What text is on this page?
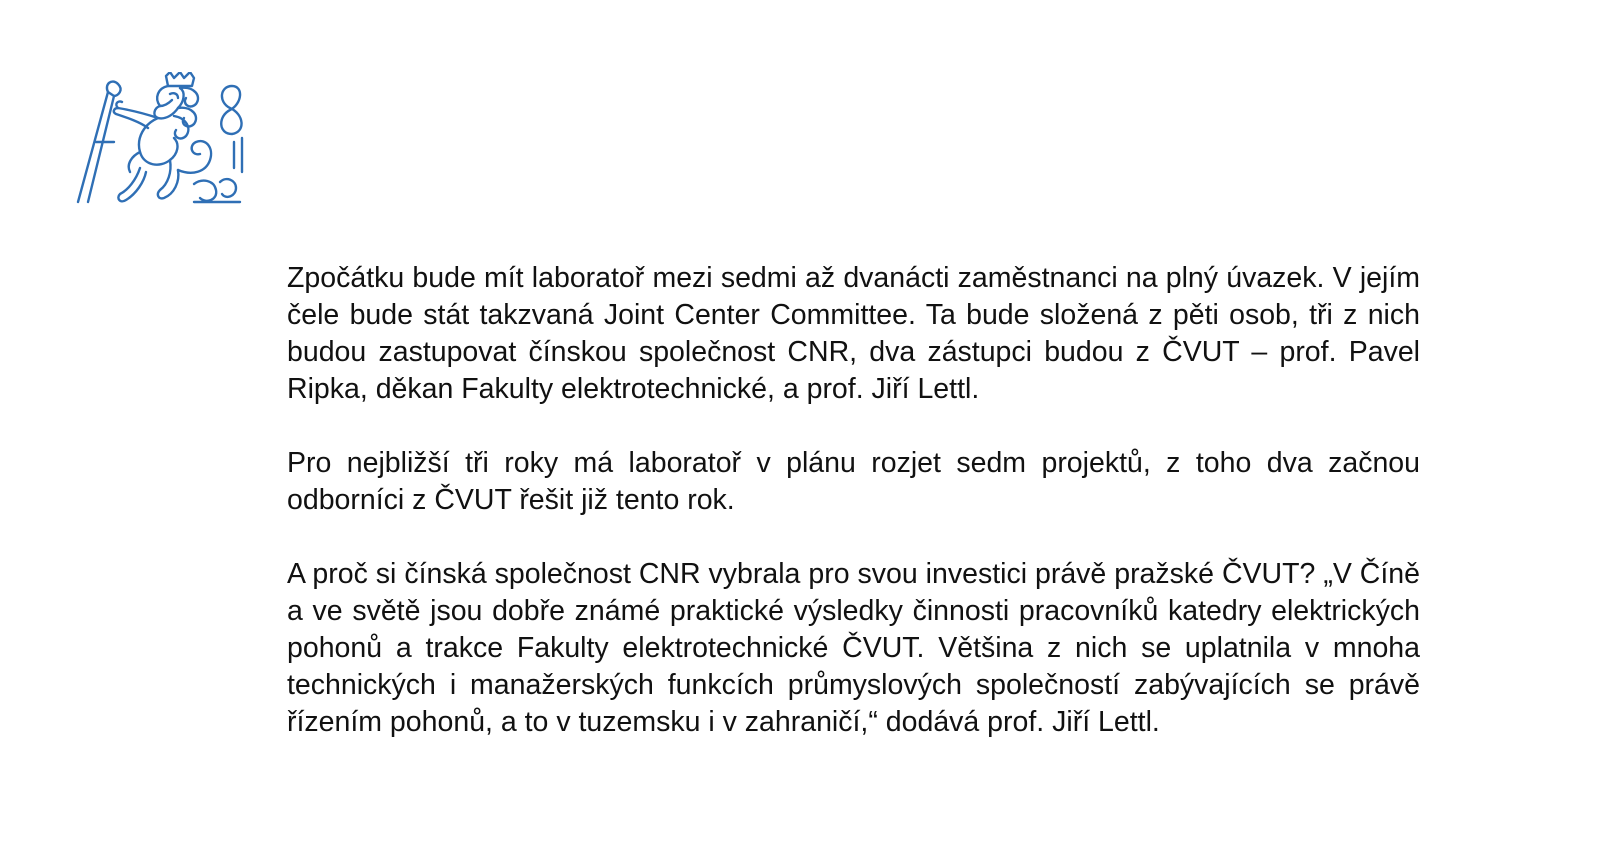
Zpočátku bude mít laboratoř mezi sedmi až dvanácti zaměstnanci na plný úvazek. V jejím čele bude stát takzvaná Joint Center Committee. Ta bude složená z pěti osob, tři z nich budou zastupovat čínskou společnost CNR, dva zástupci budou z ČVUT – prof. Pavel Ripka, děkan Fakulty elektrotechnické, a prof. Jiří Lettl.

Pro nejbližší tři roky má laboratoř v plánu rozjet sedm projektů, z toho dva začnou odborníci z ČVUT řešit již tento rok.

A proč si čínská společnost CNR vybrala pro svou investici právě pražské ČVUT? „V Číně a ve světě jsou dobře známé praktické výsledky činnosti pracovníků katedry elektrických pohonů a trakce Fakulty elektrotechnické ČVUT. Většina z nich se uplatnila v mnoha technických i manažerských funkcích průmyslových společností zabývajících se právě řízením pohonů, a to v tuzemsku i v zahraničí,“ dodává prof. Jiří Lettl.
